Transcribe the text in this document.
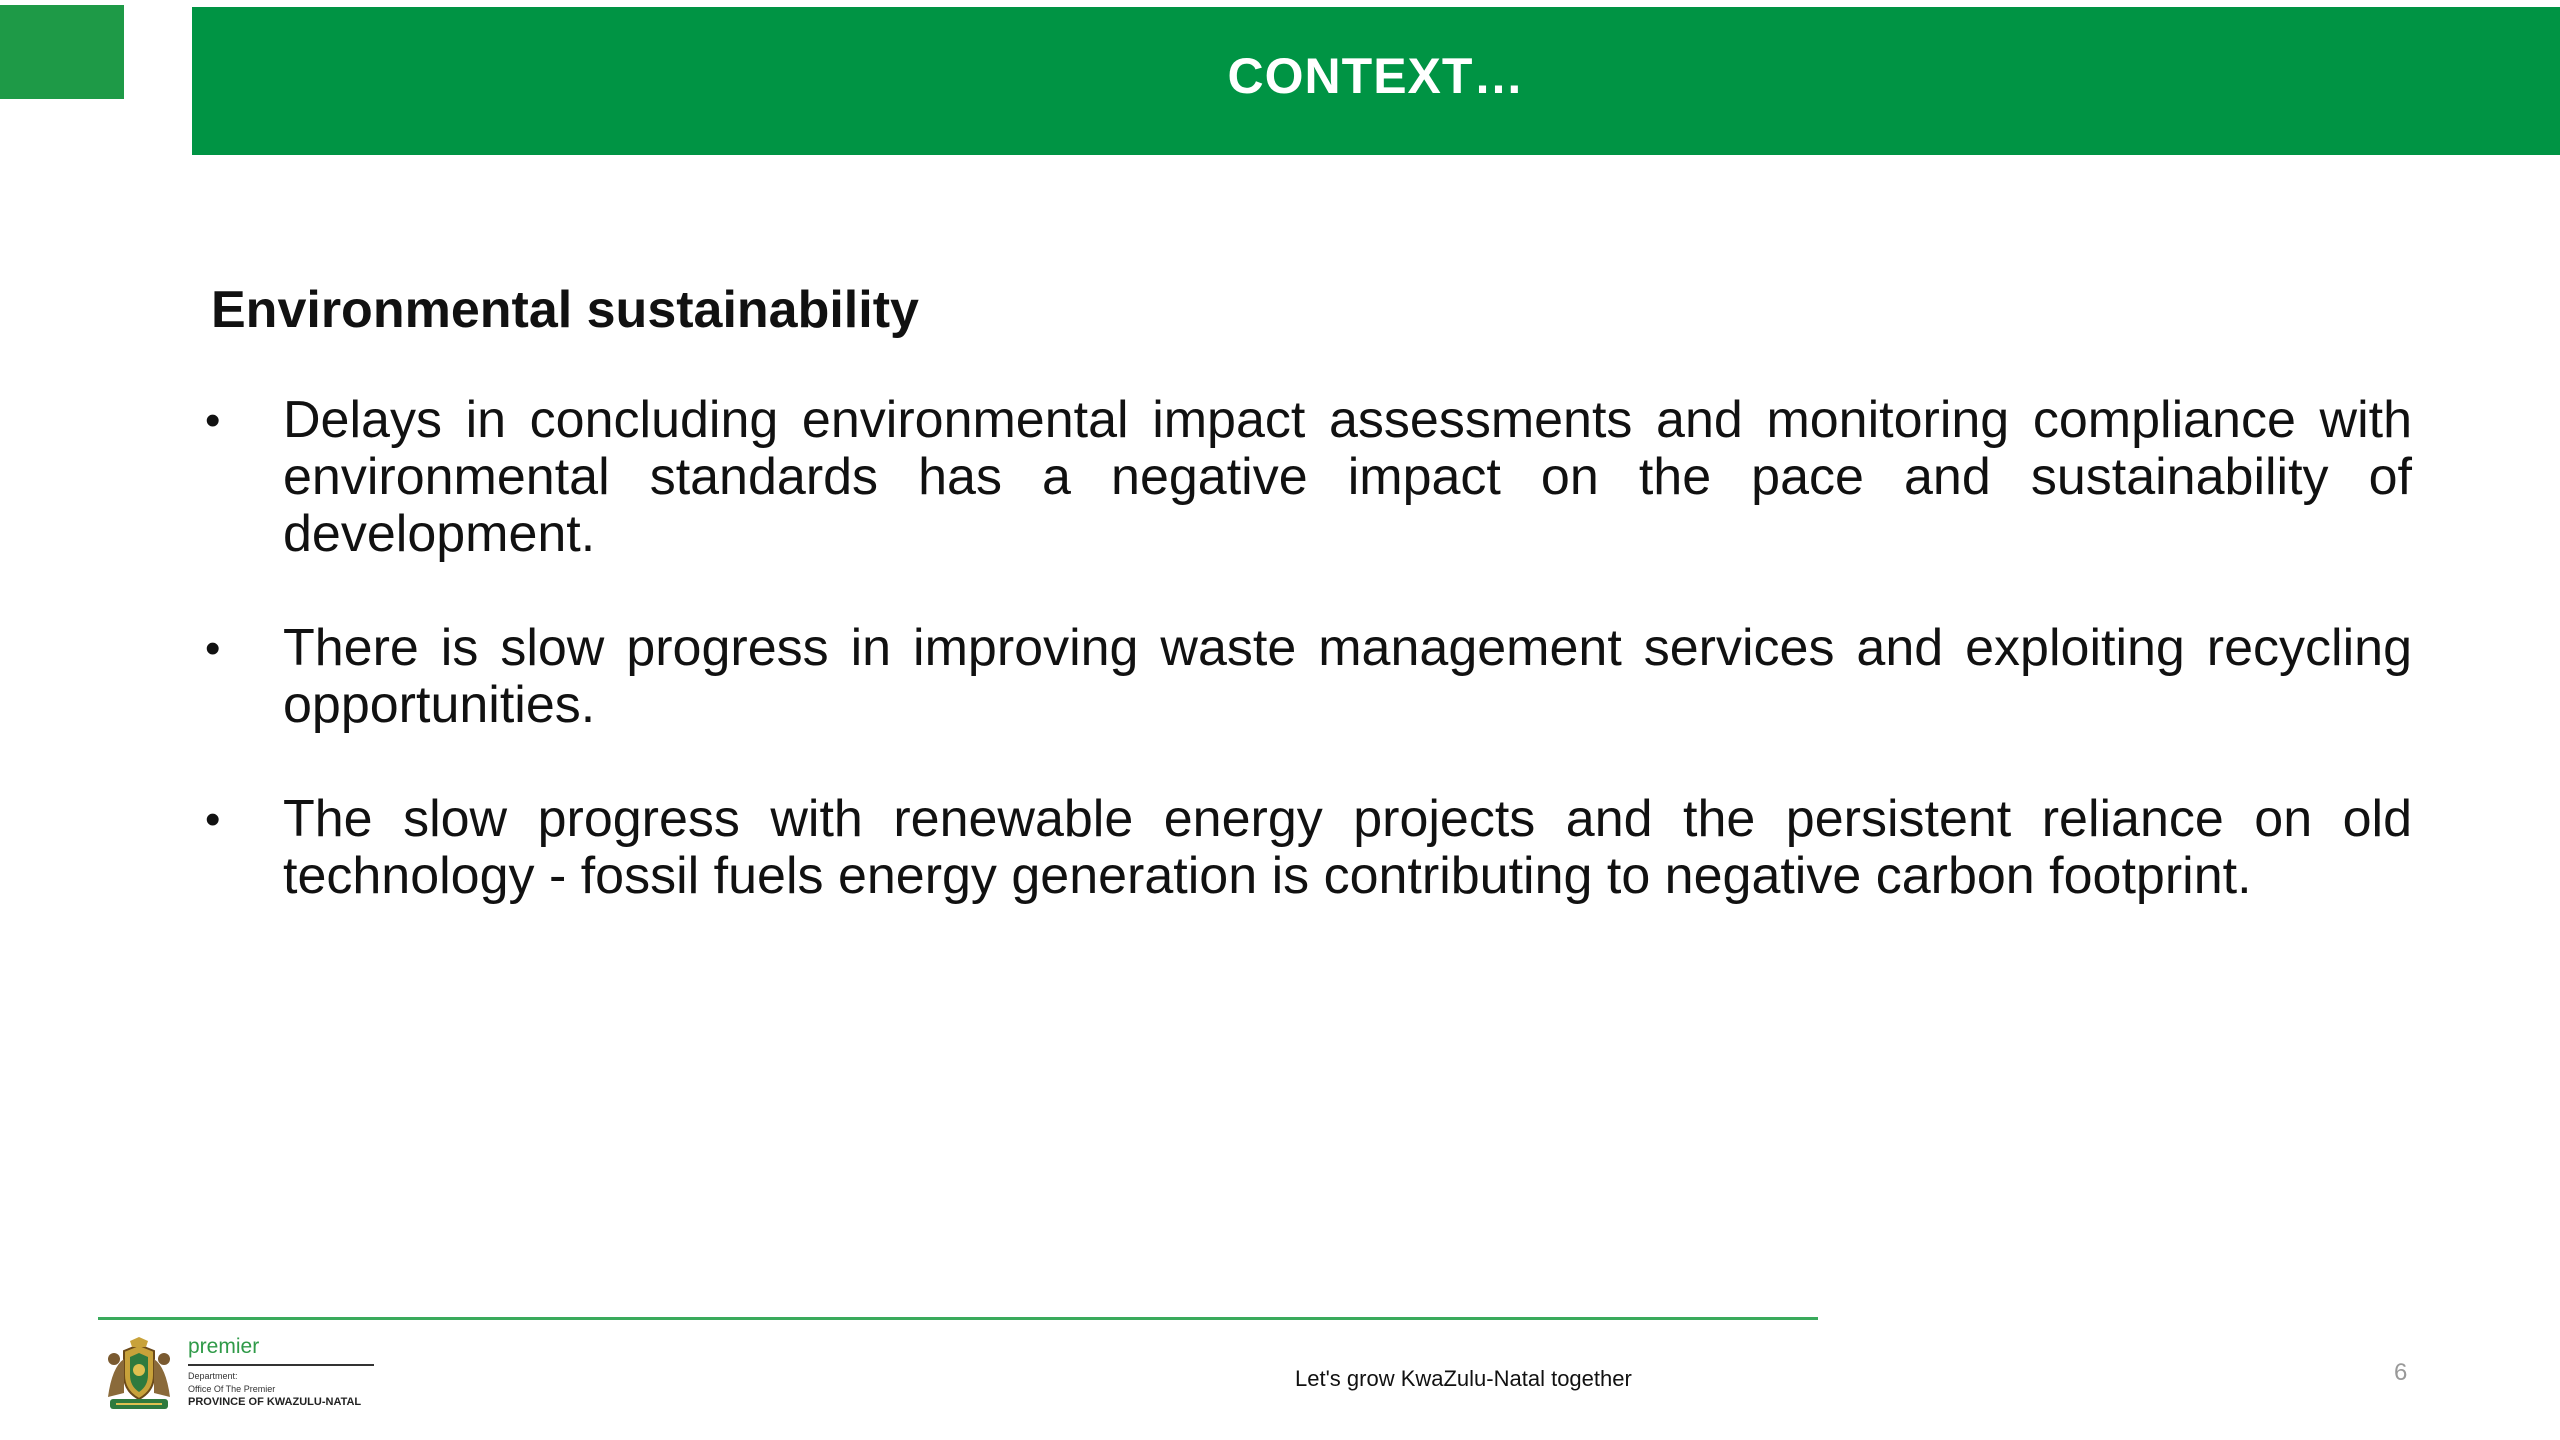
CONTEXT…
Environmental sustainability
• Delays in concluding environmental impact assessments and monitoring compliance with environmental standards has a negative impact on the pace and sustainability of development.
• There is slow progress in improving waste management services and exploiting recycling opportunities.
• The slow progress with renewable energy projects and the persistent reliance on old technology - fossil fuels energy generation is contributing to negative carbon footprint.
premier
Department:
Office Of The Premier
PROVINCE OF KWAZULU-NATAL
Let's grow KwaZulu-Natal together	6
